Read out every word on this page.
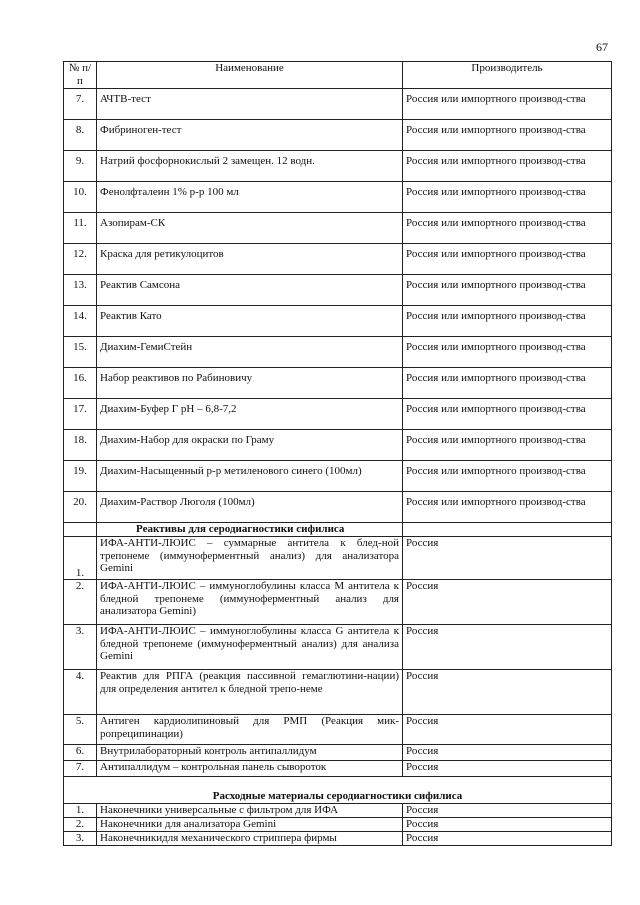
67
№ п/п	Наименование	Производитель
7.	АЧТВ-тест	Россия или импортного производ-ства
8.	Фибриноген-тест	Россия или импортного производ-ства
9.	Натрий фосфорнокислый 2 замещен. 12 водн.	Россия или импортного производ-ства
10.	Фенолфталеин 1% р-р 100 мл	Россия или импортного производ-ства
11.	Азопирам-СК	Россия или импортного производ-ства
12.	Краска для ретикулоцитов	Россия или импортного производ-ства
13.	Реактив Самсона	Россия или импортного производ-ства
14.	Реактив Като	Россия или импортного производ-ства
15.	Диахим-ГемиСтейн	Россия или импортного производ-ства
16.	Набор реактивов по Рабиновичу	Россия или импортного производ-ства
17.	Диахим-Буфер Г рН – 6,8-7,2	Россия или импортного производ-ства
18.	Диахим-Набор для окраски по Граму	Россия или импортного производ-ства
19.	Диахим-Насыщенный р-р метиленового синего (100мл)	Россия или импортного производ-ства
20.	Диахим-Раствор Люголя (100мл)	Россия или импортного производ-ства
	Реактивы для серодиагностики сифилиса	
1.	ИФА-АНТИ-ЛЮИС – суммарные антитела к блед-ной трепонеме (иммуноферментный анализ) для анализатора Gemini	Россия
2.	ИФА-АНТИ-ЛЮИС – иммуноглобулины класса М антитела к бледной трепонеме (иммуноферментный анализ для анализатора Gemini)	Россия
3.	ИФА-АНТИ-ЛЮИС – иммуноглобулины класса G антитела к бледной трепонеме (иммуноферментный анализ) для анализа Gemini	Россия
4.	Реактив для РПГА (реакция пассивной гемаглютини-нации) для определения антител к бледной трепо-неме	Россия
5.	Антиген кардиолипиновый для РМП (Реакция мик-ропреципинации)	Россия
6.	Внутрилабораторный контроль антипаллидум	Россия
7.	Антипаллидум – контрольная панель сывороток	Россия
Расходные материалы серодиагностики сифилиса		
1.	Наконечники универсальные с фильтром для ИФА	Россия
2.	Наконечники для анализатора Gemini	Россия
3.	Наконечникидля механического стриппера фирмы	Россия
